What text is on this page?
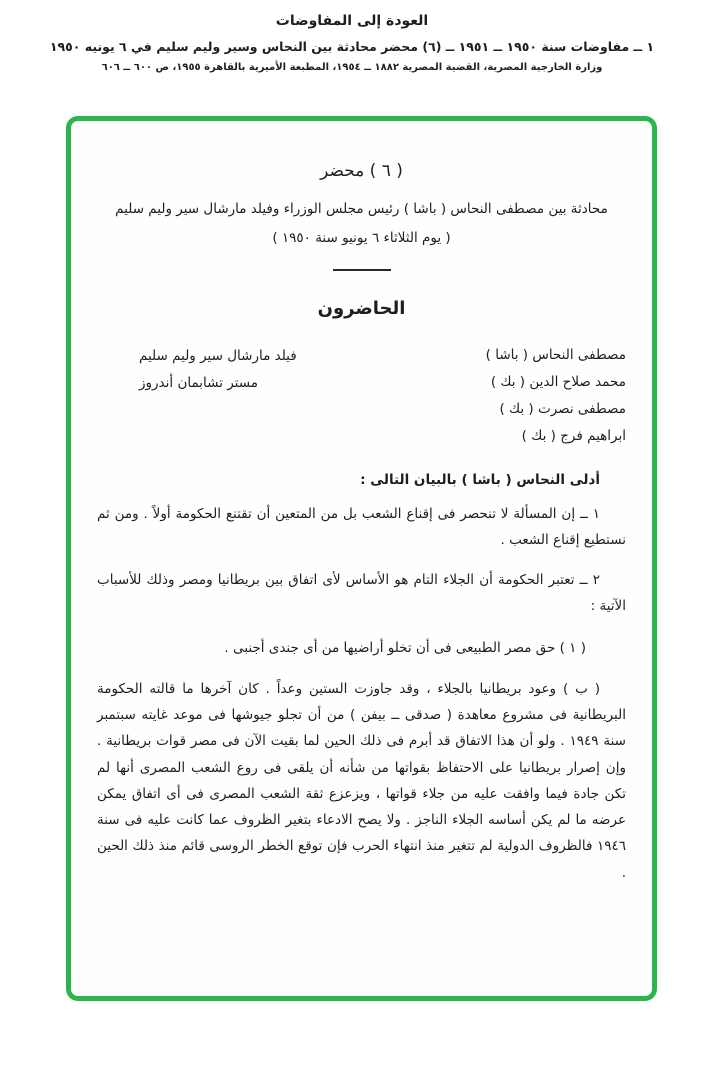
العودة إلى المفاوضات
١ ــ مفاوضات سنة ١٩٥٠ ــ ١٩٥١ ــ (٦) محضر محادثة بين النحاس وسير وليم سليم في ٦ يونيه ١٩٥٠
وزارة الخارجية المصرية، القضية المصرية ١٨٨٢ ــ ١٩٥٤، المطبعة الأميرية بالقاهرة ١٩٥٥، ص ٦٠٠ ــ ٦٠٦
( ٦ ) محضر
محادثة بين مصطفى النحاس ( باشا ) رئيس مجلس الوزراء وفيلد مارشال سير وليم سليم
( يوم الثلاثاء ٦ يونيو سنة ١٩٥٠ )
الحاضرون
مصطفى النحاس ( باشا )
محمد صلاح الدين ( بك )
مصطفى نصرت ( بك )
ابراهيم فرج ( بك )
فيلد مارشال سير وليم سليم
مستر تشابمان أندروز
أدلى النحاس ( باشا ) بالبيان التالى :
١ ــ إن المسألة لا تنحصر فى إقناع الشعب بل من المتعين أن تقتنع الحكومة أولاً . ومن ثم نستطيع إقناع الشعب .
٢ ــ تعتبر الحكومة أن الجلاء التام هو الأساس لأى اتفاق بين بريطانيا ومصر وذلك للأسباب الآتية :
( ١ ) حق مصر الطبيعى فى أن تخلو أراضيها من أى جندى أجنبى .
( ب ) وعود بريطانيا بالجلاء ، وقد جاوزت الستين وعداً . كان آخرها ما قالته الحكومة البريطانية فى مشروع معاهدة ( صدقى ــ بيفن ) من أن تجلو جيوشها فى موعد غايته سبتمبر سنة ١٩٤٩ . ولو أن هذا الاتفاق قد أبرم فى ذلك الحين لما بقيت الآن فى مصر قوات بريطانية . وإن إصرار بريطانيا على الاحتفاظ بقواتها من شأنه أن يلقى فى روع الشعب المصرى أنها لم تكن جادة فيما وافقت عليه من جلاء قواتها ، ويزعزع ثقة الشعب المصرى فى أى اتفاق يمكن عرضه ما لم يكن أساسه الجلاء الناجز . ولا يصح الادعاء بتغير الظروف عما كانت عليه فى سنة ١٩٤٦ فالظروف الدولية لم تتغير منذ انتهاء الحرب فإن توقع الخطر الروسى قائم منذ ذلك الحين .
